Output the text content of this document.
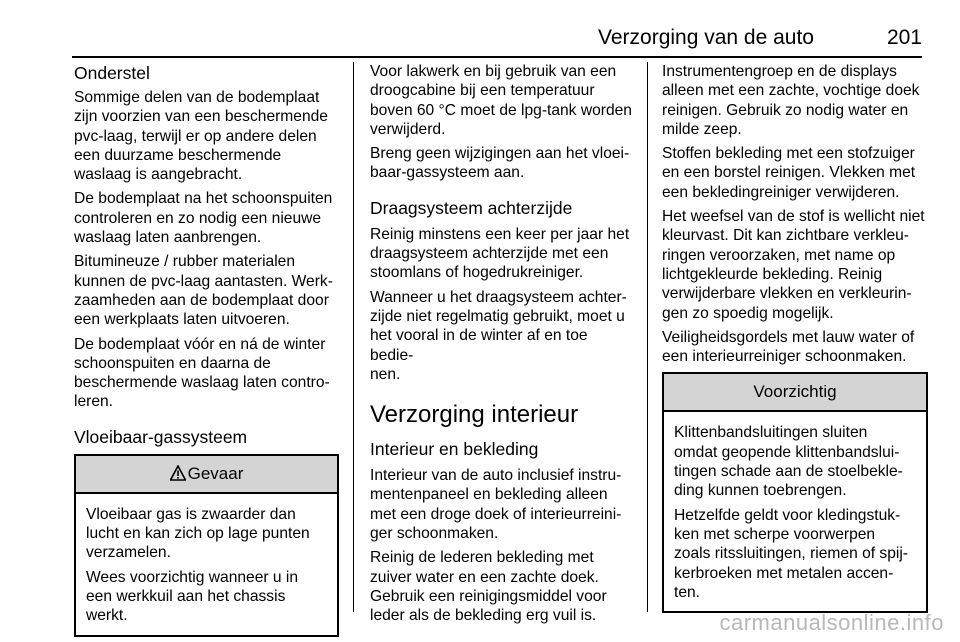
Verzorging van de auto	201
Onderstel

Sommige delen van de bodemplaat
zijn voorzien van een beschermende
pvc-laag, terwijl er op andere delen
een duurzame beschermende
waslaag is aangebracht.

De bodemplaat na het schoonspuiten
controleren en zo nodig een nieuwe
waslaag laten aanbrengen.

Bitumineuze / rubber materialen
kunnen de pvc-laag aantasten. Werk-
zaamheden aan de bodemplaat door
een werkplaats laten uitvoeren.

De bodemplaat vóór en ná de winter
schoonspuiten en daarna de
beschermende waslaag laten contro-
leren.

Vloeibaar-gassysteem
Gevaar

Vloeibaar gas is zwaarder dan
lucht en kan zich op lage punten
verzamelen.

Wees voorzichtig wanneer u in
een werkkuil aan het chassis
werkt.

Voor lakwerk en bij gebruik van een
droogcabine bij een temperatuur
boven 60 °C moet de lpg-tank worden
verwijderd.

Breng geen wijzigingen aan het vloei-
baar-gassysteem aan.

Draagsysteem achterzijde

Reinig minstens een keer per jaar het
draagsysteem achterzijde met een
stoomlans of hogedrukreiniger.

Wanneer u het draagsysteem achter-
zijde niet regelmatig gebruikt, moet u
het vooral in de winter af en toe bedie-
nen.

Verzorging interieur
Interieur en bekleding

Interieur van de auto inclusief instru-
mentenpaneel en bekleding alleen
met een droge doek of interieurreini-
ger schoonmaken.

Reinig de lederen bekleding met
zuiver water en een zachte doek.
Gebruik een reinigingsmiddel voor
leder als de bekleding erg vuil is.

Instrumentengroep en de displays
alleen met een zachte, vochtige doek
reinigen. Gebruik zo nodig water en
milde zeep.

Stoffen bekleding met een stofzuiger
en een borstel reinigen. Vlekken met
een bekledingreiniger verwijderen.

Het weefsel van de stof is wellicht niet
kleurvast. Dit kan zichtbare verkleu-
ringen veroorzaken, met name op
lichtgekleurde bekleding. Reinig
verwijderbare vlekken en verkleurin-
gen zo spoedig mogelijk.

Veiligheidsgordels met lauw water of
een interieurreiniger schoonmaken.

Voorzichtig

Klittenbandsluitingen sluiten
omdat geopende klittenbandslui-
tingen schade aan de stoelbekle-
ding kunnen toebrengen.

Hetzelfde geldt voor kledingstuk-
ken met scherpe voorwerpen
zoals ritssluitingen, riemen of spij-
kerbroeken met metalen accen-
ten.

carmanualsonline.info
